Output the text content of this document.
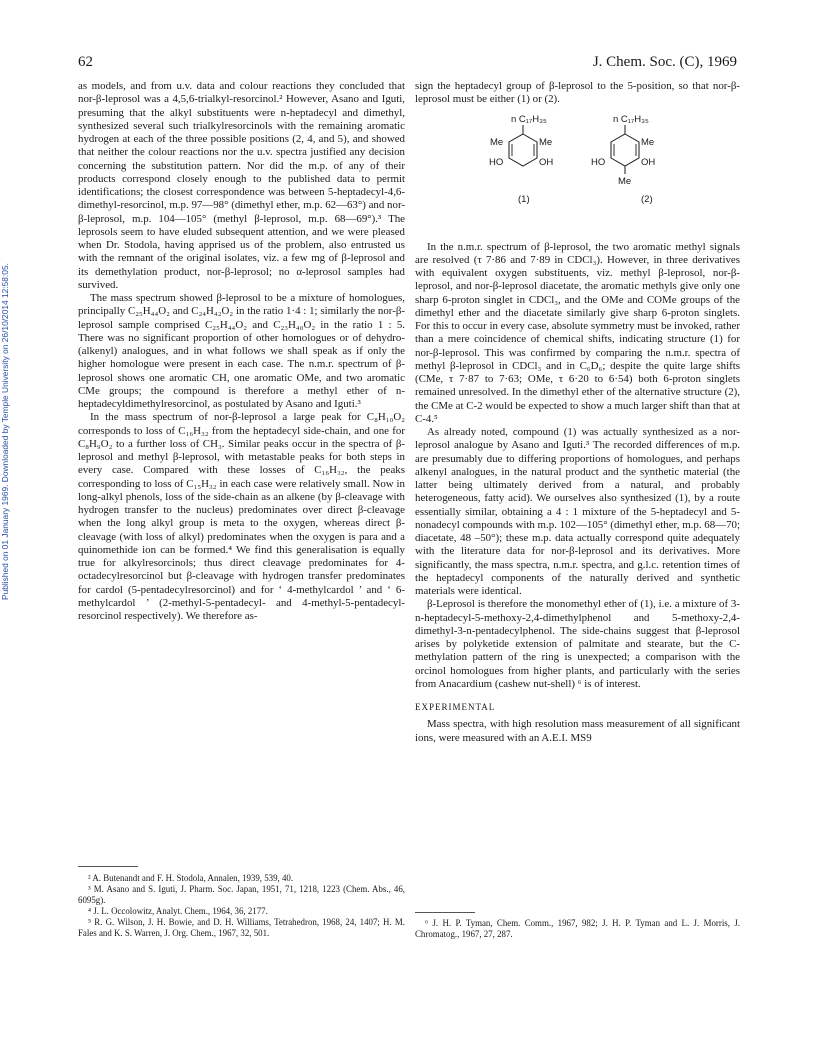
62	J. Chem. Soc. (C), 1969
Published on 01 January 1969. Downloaded by Temple University on 26/10/2014 12:58:05.

as models, and from u.v. data and colour reactions they concluded that nor-β-leprosol was a 4,5,6-trialkyl-resorcinol.² However, Asano and Iguti, presuming that the alkyl substituents were n-heptadecyl and dimethyl, synthesized several such trialkylresorcinols with the remaining aromatic hydrogen at each of the three possible positions (2, 4, and 5), and showed that neither the colour reactions nor the u.v. spectra justified any decision concerning the substitution pattern. Nor did the m.p. of any of their products correspond closely enough to the published data to permit identifications; the closest correspondence was between 5-heptadecyl-4,6-dimethyl-resorcinol, m.p. 97—98° (dimethyl ether, m.p. 62—63°) and nor-β-leprosol, m.p. 104—105° (methyl β-leprosol, m.p. 68—69°).³ The leprosols seem to have eluded subsequent attention, and we were pleased when Dr. Stodola, having apprised us of the problem, also entrusted us with the remnant of the original isolates, viz. a few mg of β-leprosol and its demethylation product, nor-β-leprosol; no α-leprosol samples had survived.

The mass spectrum showed β-leprosol to be a mixture of homologues, principally C₂₅H₄₄O₂ and C₂₄H₄₂O₂ in the ratio 1·4 : 1; similarly the nor-β-leprosol sample comprised C₂₅H₄₄O₂ and C₂₃H₄₀O₂ in the ratio 1 : 5. There was no significant proportion of other homologues or of dehydro- (alkenyl) analogues, and in what follows we shall speak as if only the higher homologue were present in each case. The n.m.r. spectrum of β-leprosol shows one aromatic CH, one aromatic OMe, and two aromatic CMe groups; the compound is therefore a methyl ether of n-heptadecyldimethylresorcinol, as postulated by Asano and Iguti.³

In the mass spectrum of nor-β-leprosol a large peak for C₈H₁₀O₂ corresponds to loss of C₁₆H₃₂ from the heptadecyl side-chain, and one for C₈H₉O₂ to a further loss of CH₃. Similar peaks occur in the spectra of β-leprosol and methyl β-leprosol, with metastable peaks for both steps in every case. Compared with these losses of C₁₆H₃₂, the peaks corresponding to loss of C₁₅H₃₂ in each case were relatively small. Now in long-alkyl phenols, loss of the side-chain as an alkene (by β-cleavage with hydrogen transfer to the nucleus) predominates over direct β-cleavage when the long alkyl group is meta to the oxygen, whereas direct β-cleavage (with loss of alkyl) predominates when the oxygen is para and a quinomethide ion can be formed.⁴ We find this generalisation is equally true for alkylresorcinols; thus direct cleavage predominates for 4-octadecylresorcinol but β-cleavage with hydrogen transfer predominates for cardol (5-pentadecylresorcinol) and for ‘ 4-methylcardol ’ and ‘ 6-methylcardol ’ (2-methyl-5-pentadecyl- and 4-methyl-5-pentadecyl-resorcinol respectively). We therefore as-

sign the heptadecyl group of β-leprosol to the 5-position, so that nor-β-leprosol must be either (1) or (2).

n C₁₇H₃₅
Me	Me
HO	OH
(1)
n C₁₇H₃₅
Me
HO	OH
Me
(2)

In the n.m.r. spectrum of β-leprosol, the two aromatic methyl signals are resolved (τ 7·86 and 7·89 in CDCl₃). However, in three derivatives with equivalent oxygen substituents, viz. methyl β-leprosol, nor-β-leprosol, and nor-β-leprosol diacetate, the aromatic methyls give only one sharp 6-proton singlet in CDCl₃, and the OMe and COMe groups of the dimethyl ether and the diacetate similarly give sharp 6-proton singlets. For this to occur in every case, absolute symmetry must be invoked, rather than a mere coincidence of chemical shifts, indicating structure (1) for nor-β-leprosol. This was confirmed by comparing the n.m.r. spectra of methyl β-leprosol in CDCl₃ and in C₆D₆; despite the quite large shifts (CMe, τ 7·87 to 7·63; OMe, τ 6·20 to 6·54) both 6-proton singlets remained unresolved. In the dimethyl ether of the alternative structure (2), the CMe at C-2 would be expected to show a much larger shift than that at C-4.⁵

As already noted, compound (1) was actually synthesized as a nor-leprosol analogue by Asano and Iguti.³ The recorded differences of m.p. are presumably due to differing proportions of homologues, and perhaps alkenyl analogues, in the natural product and the synthetic material (the latter being ultimately derived from a natural, and probably heterogeneous, fatty acid). We ourselves also synthesized (1), by a route essentially similar, obtaining a 4 : 1 mixture of the 5-heptadecyl and 5-nonadecyl compounds with m.p. 102—105° (dimethyl ether, m.p. 68—70; diacetate, 48 –50°); these m.p. data actually correspond quite adequately with the literature data for nor-β-leprosol and its derivatives. More significantly, the mass spectra, n.m.r. spectra, and g.l.c. retention times of the heptadecyl components of the naturally derived and synthetic materials were identical.

β-Leprosol is therefore the monomethyl ether of (1), i.e. a mixture of 3-n-heptadecyl-5-methoxy-2,4-dimethylphenol and 5-methoxy-2,4-dimethyl-3-n-pentadecylphenol. The side-chains suggest that β-leprosol arises by polyketide extension of palmitate and stearate, but the C-methylation pattern of the ring is unexpected; a comparison with the orcinol homologues from higher plants, and particularly with the series from Anacardium (cashew nut-shell) ⁶ is of interest.

EXPERIMENTAL

Mass spectra, with high resolution mass measurement of all significant ions, were measured with an A.E.I. MS9

² A. Butenandt and F. H. Stodola, Annalen, 1939, 539, 40.

³ M. Asano and S. Iguti, J. Pharm. Soc. Japan, 1951, 71, 1218, 1223 (Chem. Abs., 46, 6095g).

⁴ J. L. Occolowitz, Analyt. Chem., 1964, 36, 2177.

⁵ R. G. Wilson, J. H. Bowie, and D. H. Williams, Tetrahedron, 1968, 24, 1407; H. M. Fales and K. S. Warren, J. Org. Chem., 1967, 32, 501.

⁶ J. H. P. Tyman, Chem. Comm., 1967, 982; J. H. P. Tyman and L. J. Morris, J. Chromatog., 1967, 27, 287.
